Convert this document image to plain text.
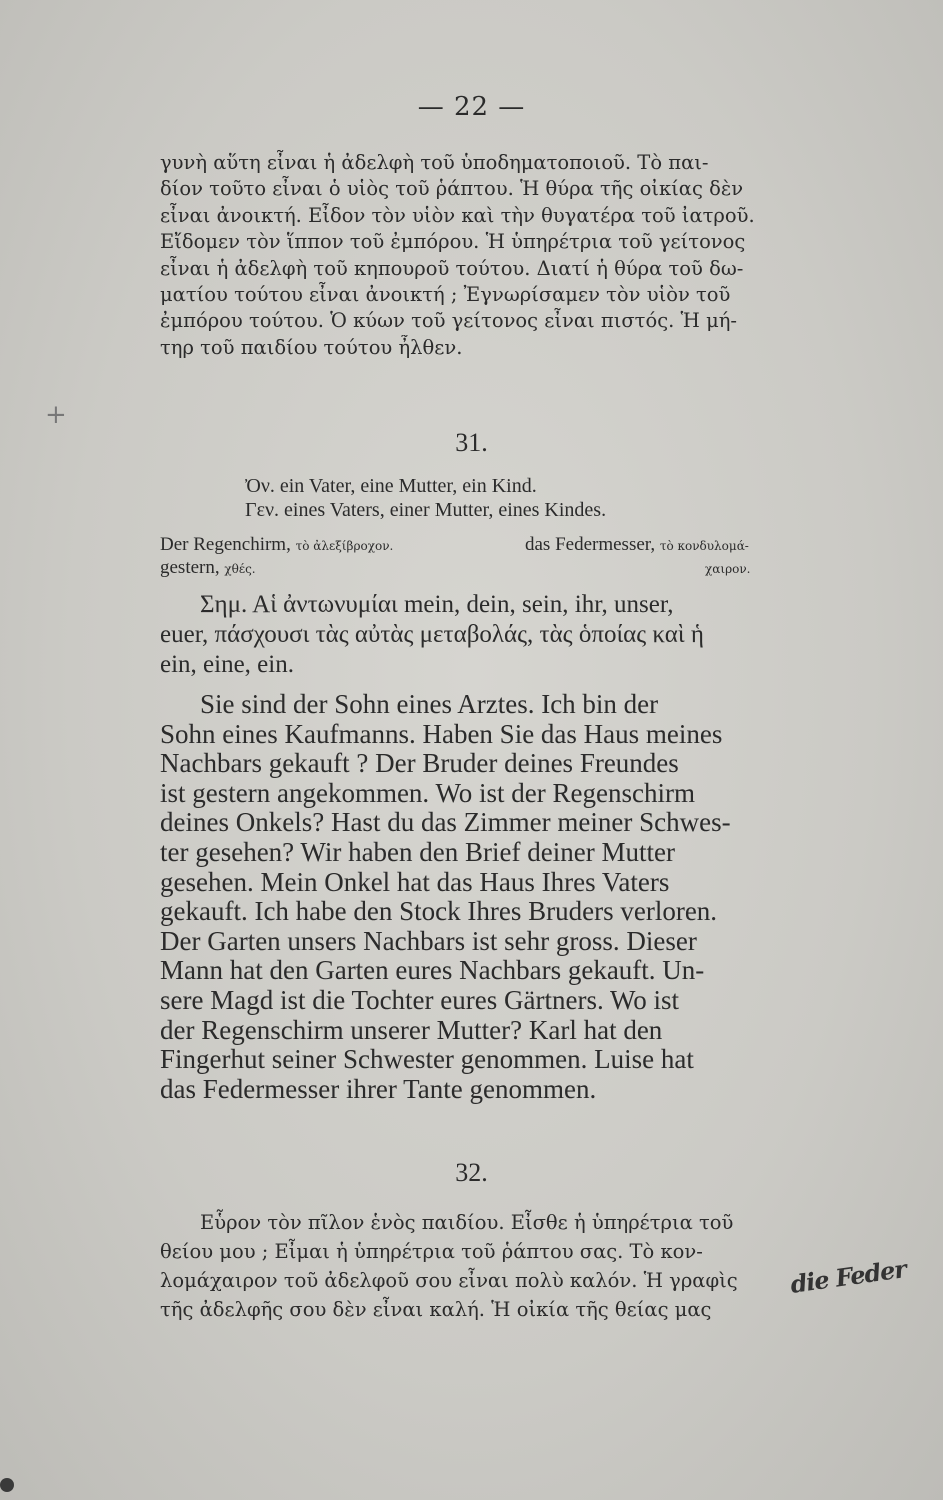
— 22 —
γυνὴ αὕτη εἶναι ἡ ἀδελφὴ τοῦ ὑποδηματοποιοῦ. Τὸ παι-
δίον τοῦτο εἶναι ὁ υἱὸς τοῦ ῥάπτου. Ἡ θύρα τῆς οἰκίας δὲν
εἶναι ἀνοικτή. Εἶδον τὸν υἱὸν καὶ τὴν θυγατέρα τοῦ ἰατροῦ.
Εἴδομεν τὸν ἵππον τοῦ ἐμπόρου. Ἡ ὑπηρέτρια τοῦ γείτονος
εἶναι ἡ ἀδελφὴ τοῦ κηπουροῦ τούτου. Διατί ἡ θύρα τοῦ δω-
ματίου τούτου εἶναι ἀνοικτή ; Ἐγνωρίσαμεν τὸν υἱὸν τοῦ
ἐμπόρου τούτου. Ὁ κύων τοῦ γείτονος εἶναι πιστός. Ἡ μή-
τηρ τοῦ παιδίου τούτου ἦλθεν.
+
31.
Ὀν. ein Vater, eine Mutter, ein Kind.
Γεν. eines Vaters, einer Mutter, eines Kindes.
Der Regenchirm, τὸ ἀλεξίβροχον.
gestern, χθές.
das Federmesser, τὸ κονδυλομά-
χαιρον.
Σημ. Αἱ ἀντωνυμίαι mein, dein, sein, ihr, unser,
euer, πάσχουσι τὰς αὐτὰς μεταβολάς, τὰς ὁποίας καὶ ἡ
ein, eine, ein.
Sie sind der Sohn eines Arztes. Ich bin der
Sohn eines Kaufmanns. Haben Sie das Haus meines
Nachbars gekauft ? Der Bruder deines Freundes
ist gestern angekommen. Wo ist der Regenschirm
deines Onkels? Hast du das Zimmer meiner Schwes-
ter gesehen? Wir haben den Brief deiner Mutter
gesehen. Mein Onkel hat das Haus Ihres Vaters
gekauft. Ich habe den Stock Ihres Bruders verloren.
Der Garten unsers Nachbars ist sehr gross. Dieser
Mann hat den Garten eures Nachbars gekauft. Un-
sere Magd ist die Tochter eures Gärtners. Wo ist
der Regenschirm unserer Mutter? Karl hat den
Fingerhut seiner Schwester genommen. Luise hat
das Federmesser ihrer Tante genommen.
32.
Εὗρον τὸν πῖλον ἑνὸς παιδίου. Εἶσθε ἡ ὑπηρέτρια τοῦ
θείου μου ; Εἶμαι ἡ ὑπηρέτρια τοῦ ῥάπτου σας. Τὸ κον-
λομάχαιρον τοῦ ἀδελφοῦ σου εἶναι πολὺ καλόν. Ἡ γραφὶς
τῆς ἀδελφῆς σου δὲν εἶναι καλή. Ἡ οἰκία τῆς θείας μας
die Feder
